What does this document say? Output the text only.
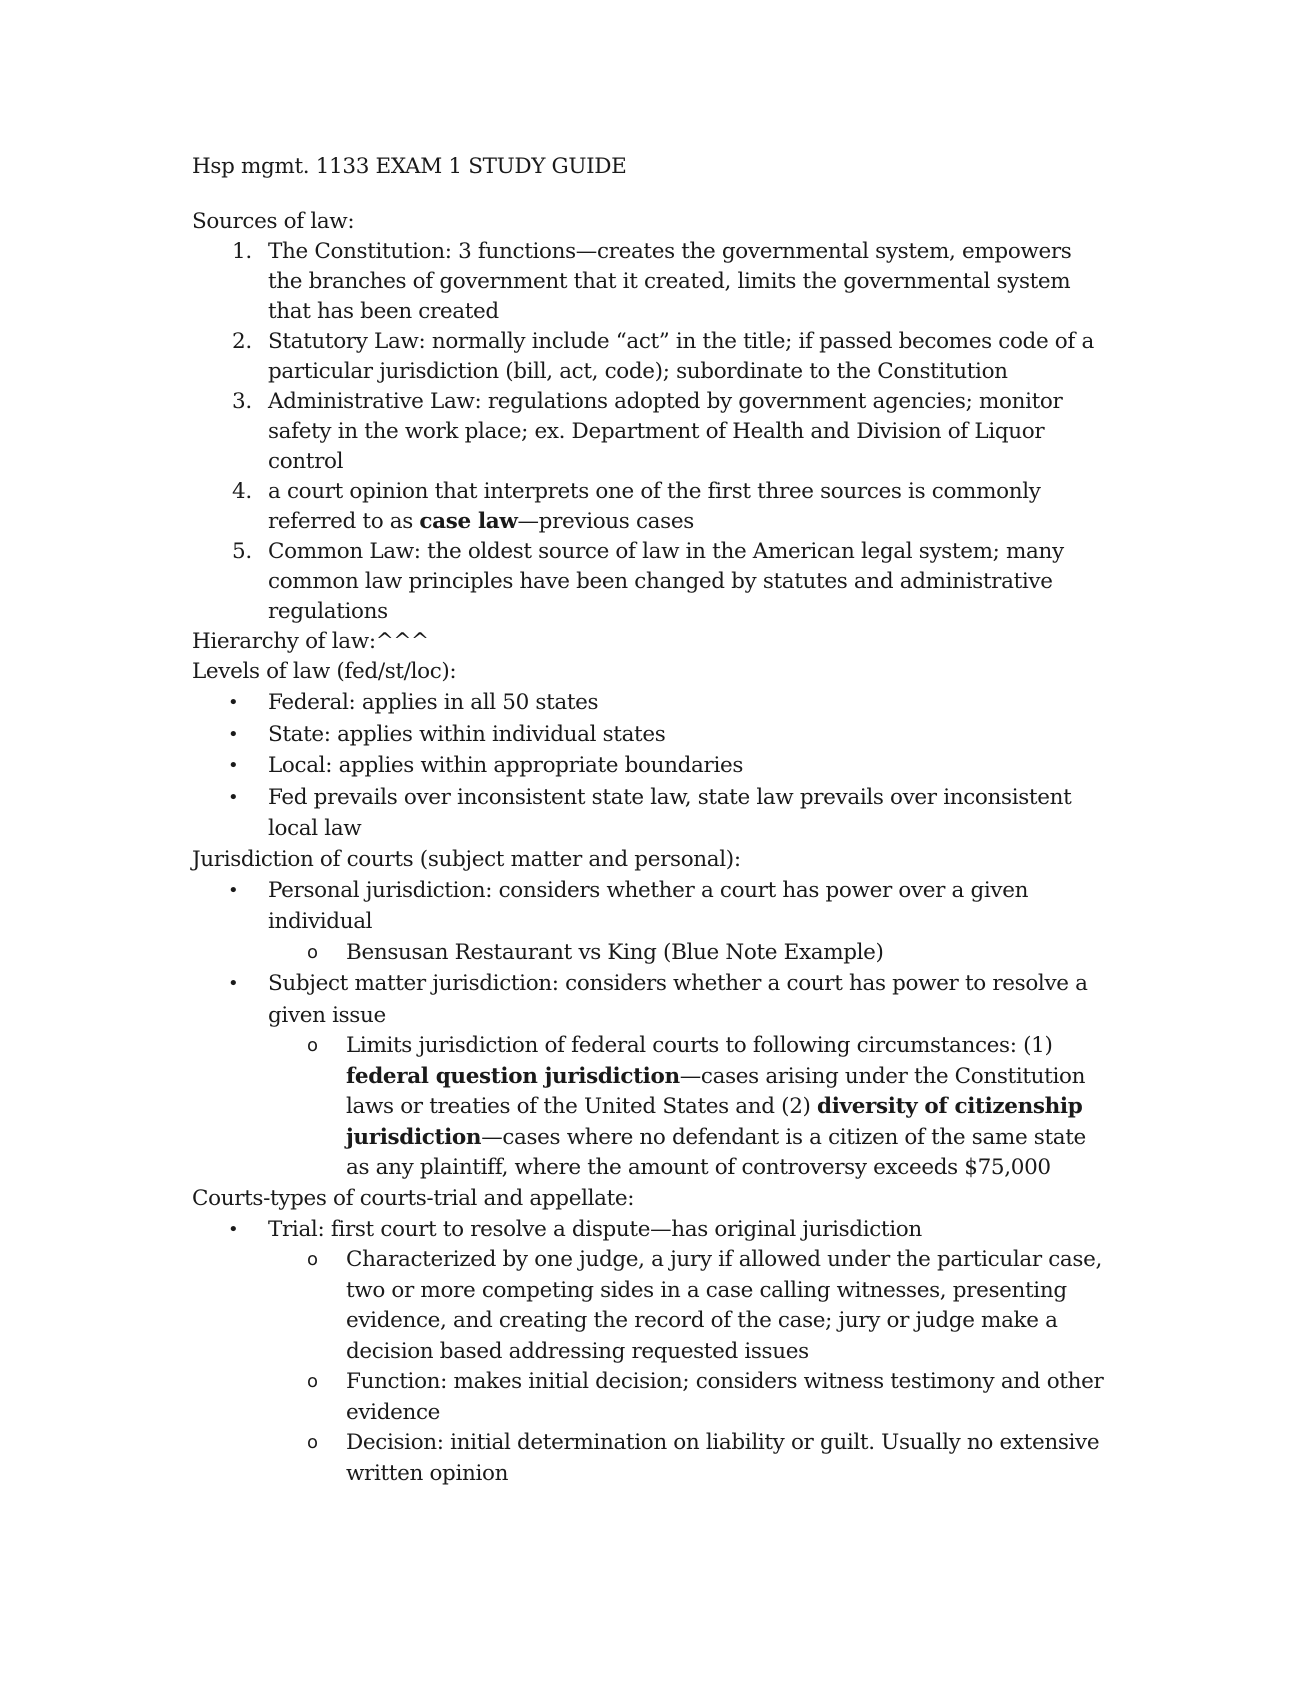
Hsp mgmt. 1133 EXAM 1 STUDY GUIDE
Sources of law:
1. The Constitution: 3 functions—creates the governmental system, empowers the branches of government that it created, limits the governmental system that has been created
2. Statutory Law: normally include “act” in the title; if passed becomes code of a particular jurisdiction (bill, act, code); subordinate to the Constitution
3. Administrative Law: regulations adopted by government agencies; monitor safety in the work place; ex. Department of Health and Division of Liquor control
4. a court opinion that interprets one of the first three sources is commonly referred to as case law—previous cases
5. Common Law: the oldest source of law in the American legal system; many common law principles have been changed by statutes and administrative regulations
Hierarchy of law:^^^
Levels of law (fed/st/loc):
• Federal: applies in all 50 states
• State: applies within individual states
• Local: applies within appropriate boundaries
• Fed prevails over inconsistent state law, state law prevails over inconsistent local law
Jurisdiction of courts (subject matter and personal):
• Personal jurisdiction: considers whether a court has power over a given individual
o Bensusan Restaurant vs King (Blue Note Example)
• Subject matter jurisdiction: considers whether a court has power to resolve a given issue
o Limits jurisdiction of federal courts to following circumstances: (1) federal question jurisdiction—cases arising under the Constitution laws or treaties of the United States and (2) diversity of citizenship jurisdiction—cases where no defendant is a citizen of the same state as any plaintiff, where the amount of controversy exceeds $75,000
Courts-types of courts-trial and appellate:
• Trial: first court to resolve a dispute—has original jurisdiction
o Characterized by one judge, a jury if allowed under the particular case, two or more competing sides in a case calling witnesses, presenting evidence, and creating the record of the case; jury or judge make a decision based addressing requested issues
o Function: makes initial decision; considers witness testimony and other evidence
o Decision: initial determination on liability or guilt. Usually no extensive written opinion
